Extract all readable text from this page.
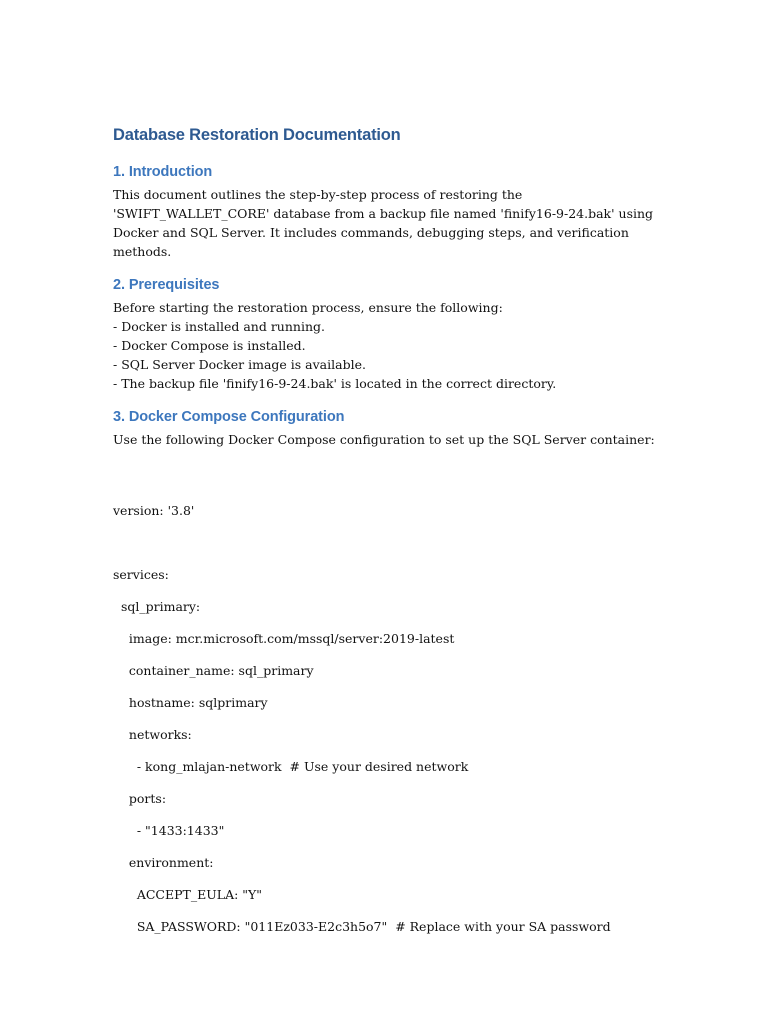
Database Restoration Documentation
1. Introduction

This document outlines the step-by-step process of restoring the 'SWIFT_WALLET_CORE' database from a backup file named 'finify16-9-24.bak' using Docker and SQL Server. It includes commands, debugging steps, and verification methods.

2. Prerequisites

Before starting the restoration process, ensure the following:

- Docker is installed and running.

- Docker Compose is installed.

- SQL Server Docker image is available.

- The backup file 'finify16-9-24.bak' is located in the correct directory.

3. Docker Compose Configuration

Use the following Docker Compose configuration to set up the SQL Server container:

version: '3.8'

services:

sql_primary:

image: mcr.microsoft.com/mssql/server:2019-latest

container_name: sql_primary

hostname: sqlprimary

networks:

- kong_mlajan-network  # Use your desired network

ports:

- "1433:1433"

environment:

ACCEPT_EULA: "Y"

SA_PASSWORD: "011Ez033-E2c3h5o7"  # Replace with your SA password
